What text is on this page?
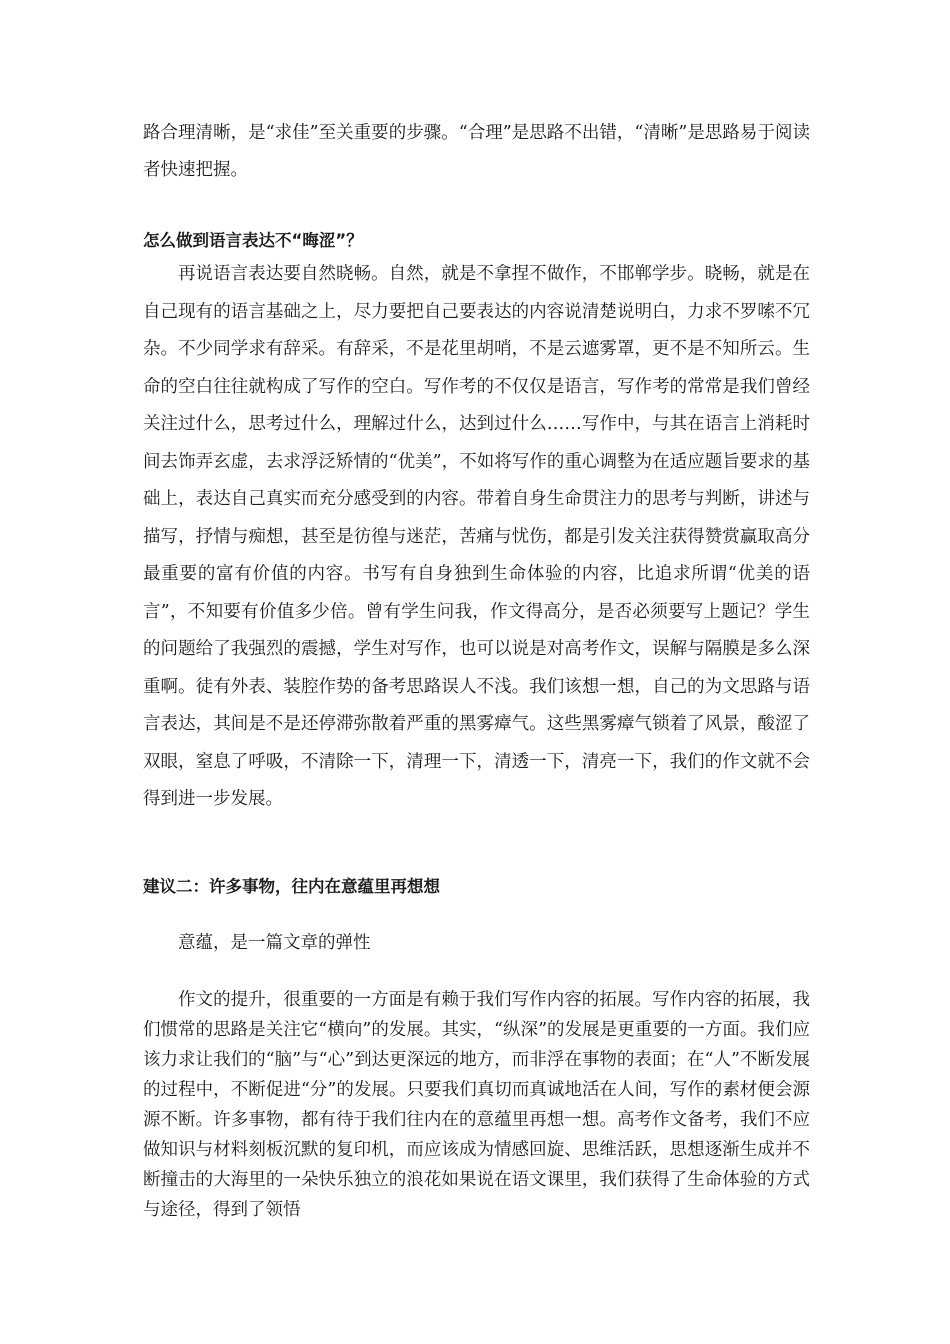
路合理清晰，是“求佳”至关重要的步骤。“合理”是思路不出错，“清晰”是思路易于阅读者快速把握。

怎么做到语言表达不“晦涩”？

再说语言表达要自然晓畅。自然，就是不拿捏不做作，不邯郸学步。晓畅，就是在自己现有的语言基础之上，尽力要把自己要表达的内容说清楚说明白，力求不罗嗦不冗杂。不少同学求有辞采。有辞采，不是花里胡哨，不是云遮雾罩，更不是不知所云。生命的空白往往就构成了写作的空白。写作考的不仅仅是语言，写作考的常常是我们曾经关注过什么，思考过什么，理解过什么，达到过什么……写作中，与其在语言上消耗时间去饰弄玄虚，去求浮泛矫情的“优美”，不如将写作的重心调整为在适应题旨要求的基础上，表达自己真实而充分感受到的内容。带着自身生命贯注力的思考与判断，讲述与描写，抒情与痴想，甚至是彷徨与迷茫，苦痛与忧伤，都是引发关注获得赞赏赢取高分最重要的富有价值的内容。书写有自身独到生命体验的内容，比追求所谓“优美的语言”，不知要有价值多少倍。曾有学生问我，作文得高分，是否必须要写上题记？学生的问题给了我强烈的震撼，学生对写作，也可以说是对高考作文，误解与隔膜是多么深重啊。徒有外表、装腔作势的备考思路误人不浅。我们该想一想，自己的为文思路与语言表达，其间是不是还停滞弥散着严重的黑雾瘴气。这些黑雾瘴气锁着了风景，酸涩了双眼，窒息了呼吸，不清除一下，清理一下，清透一下，清亮一下，我们的作文就不会得到进一步发展。

建议二：许多事物，往内在意蕴里再想想

意蕴，是一篇文章的弹性

作文的提升，很重要的一方面是有赖于我们写作内容的拓展。写作内容的拓展，我们惯常的思路是关注它“横向”的发展。其实，“纵深”的发展是更重要的一方面。我们应该力求让我们的“脑”与“心”到达更深远的地方，而非浮在事物的表面；在“人”不断发展的过程中，不断促进“分”的发展。只要我们真切而真诚地活在人间，写作的素材便会源源不断。许多事物，都有待于我们往内在的意蕴里再想一想。高考作文备考，我们不应做知识与材料刻板沉默的复印机，而应该成为情感回旋、思维活跃，思想逐渐生成并不断撞击的大海里的一朵快乐独立的浪花如果说在语文课里，我们获得了生命体验的方式与途径，得到了领悟
